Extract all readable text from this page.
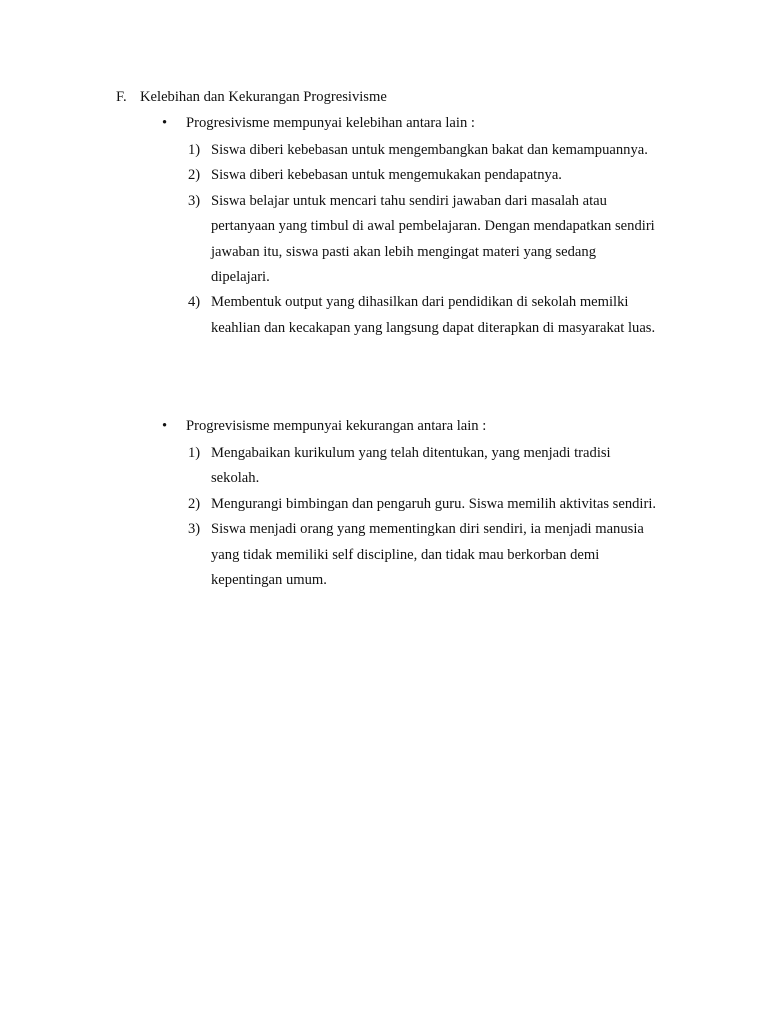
F. Kelebihan dan Kekurangan Progresivisme
•	Progresivisme mempunyai kelebihan antara lain :
1) Siswa diberi kebebasan untuk mengembangkan bakat dan kemampuannya.
2) Siswa diberi kebebasan untuk mengemukakan pendapatnya.
3) Siswa belajar untuk mencari tahu sendiri jawaban dari masalah atau pertanyaan yang timbul di awal pembelajaran. Dengan mendapatkan sendiri jawaban itu, siswa pasti akan lebih mengingat materi yang sedang dipelajari.
4) Membentuk output yang dihasilkan dari pendidikan di sekolah memilki keahlian dan kecakapan yang langsung dapat diterapkan di masyarakat luas.
•	Progrevisisme mempunyai kekurangan antara lain :
1) Mengabaikan kurikulum yang telah ditentukan, yang menjadi tradisi sekolah.
2) Mengurangi bimbingan dan pengaruh guru. Siswa memilih aktivitas sendiri.
3) Siswa menjadi orang yang mementingkan diri sendiri, ia menjadi manusia yang tidak memiliki self discipline, dan tidak mau berkorban demi kepentingan umum.
